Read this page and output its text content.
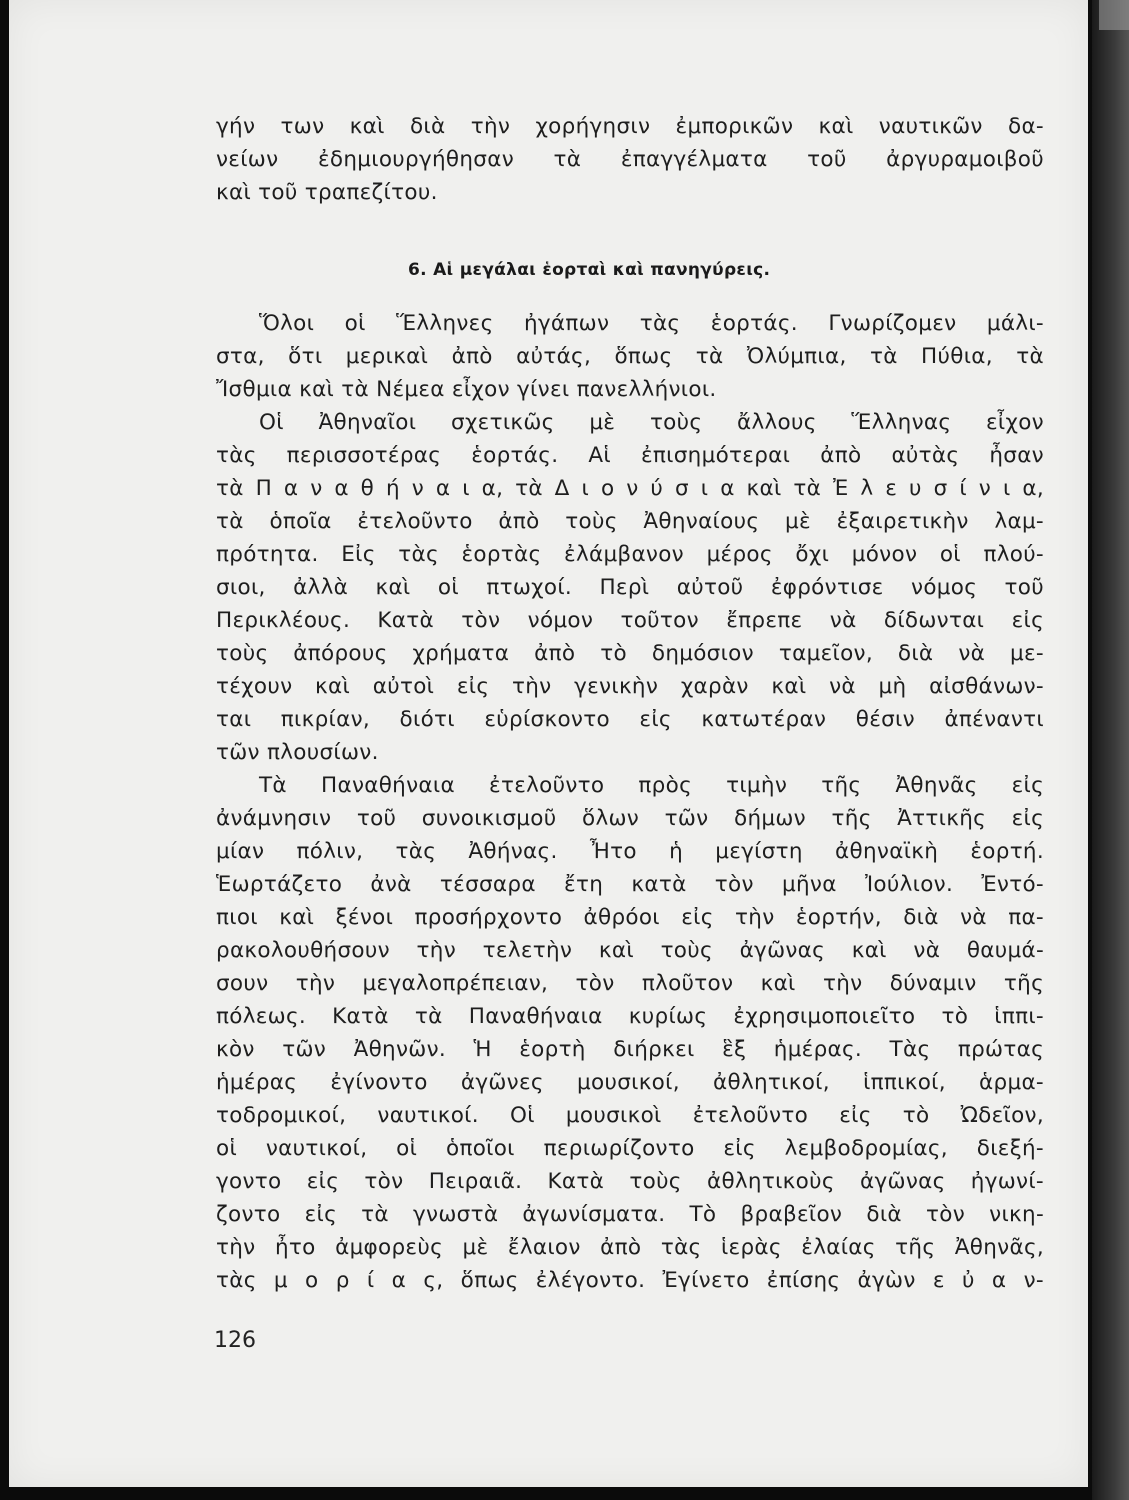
γήν των καὶ διὰ τὴν χορήγησιν ἐμπορικῶν καὶ ναυτικῶν δα-
νείων ἐδημιουργήθησαν τὰ ἐπαγγέλματα τοῦ ἀργυραμοιβοῦ
καὶ τοῦ τραπεζίτου.
6. Αἱ μεγάλαι ἑορταὶ καὶ πανηγύρεις.
Ὅλοι οἱ Ἕλληνες ἠγάπων τὰς ἑορτάς. Γνωρίζομεν μάλι-
στα, ὅτι μερικαὶ ἀπὸ αὐτάς, ὅπως τὰ Ὀλύμπια, τὰ Πύθια, τὰ
Ἴσθμια καὶ τὰ Νέμεα εἶχον γίνει πανελλήνιοι.
Οἱ Ἀθηναῖοι σχετικῶς μὲ τοὺς ἄλλους Ἕλληνας εἶχον
τὰς περισσοτέρας ἑορτάς. Αἱ ἐπισημότεραι ἀπὸ αὐτὰς ἦσαν
τὰ Π α ν α θ ή ν α ι α, τὰ Δ ι ο ν ύ σ ι α καὶ τὰ Ἐ λ ε υ σ ί ν ι α,
τὰ ὁποῖα ἐτελοῦντο ἀπὸ τοὺς Ἀθηναίους μὲ ἐξαιρετικὴν λαμ-
πρότητα. Εἰς τὰς ἑορτὰς ἐλάμβανον μέρος ὄχι μόνον οἱ πλού-
σιοι, ἀλλὰ καὶ οἱ πτωχοί. Περὶ αὐτοῦ ἐφρόντισε νόμος τοῦ
Περικλέους. Κατὰ τὸν νόμον τοῦτον ἔπρεπε νὰ δίδωνται εἰς
τοὺς ἀπόρους χρήματα ἀπὸ τὸ δημόσιον ταμεῖον, διὰ νὰ με-
τέχουν καὶ αὐτοὶ εἰς τὴν γενικὴν χαρὰν καὶ νὰ μὴ αἰσθάνων-
ται πικρίαν, διότι εὑρίσκοντο εἰς κατωτέραν θέσιν ἀπέναντι
τῶν πλουσίων.
Τὰ Παναθήναια ἐτελοῦντο πρὸς τιμὴν τῆς Ἀθηνᾶς εἰς
ἀνάμνησιν τοῦ συνοικισμοῦ ὅλων τῶν δήμων τῆς Ἀττικῆς εἰς
μίαν πόλιν, τὰς Ἀθήνας. Ἦτο ἡ μεγίστη ἀθηναϊκὴ ἑορτή.
Ἑωρτάζετο ἀνὰ τέσσαρα ἔτη κατὰ τὸν μῆνα Ἰούλιον. Ἐντό-
πιοι καὶ ξένοι προσήρχοντο ἀθρόοι εἰς τὴν ἑορτήν, διὰ νὰ πα-
ρακολουθήσουν τὴν τελετὴν καὶ τοὺς ἀγῶνας καὶ νὰ θαυμά-
σουν τὴν μεγαλοπρέπειαν, τὸν πλοῦτον καὶ τὴν δύναμιν τῆς
πόλεως. Κατὰ τὰ Παναθήναια κυρίως ἐχρησιμοποιεῖτο τὸ ἱππι-
κὸν τῶν Ἀθηνῶν. Ἡ ἑορτὴ διήρκει ἓξ ἡμέρας. Τὰς πρώτας
ἡμέρας ἐγίνοντο ἀγῶνες μουσικοί, ἀθλητικοί, ἱππικοί, ἁρμα-
τοδρομικοί, ναυτικοί. Οἱ μουσικοὶ ἐτελοῦντο εἰς τὸ Ὠδεῖον,
οἱ ναυτικοί, οἱ ὁποῖοι περιωρίζοντο εἰς λεμβοδρομίας, διεξή-
γοντο εἰς τὸν Πειραιᾶ. Κατὰ τοὺς ἀθλητικοὺς ἀγῶνας ἠγωνί-
ζοντο εἰς τὰ γνωστὰ ἀγωνίσματα. Τὸ βραβεῖον διὰ τὸν νικη-
τὴν ἦτο ἀμφορεὺς μὲ ἔλαιον ἀπὸ τὰς ἱερὰς ἐλαίας τῆς Ἀθηνᾶς,
τὰς μ ο ρ ί α ς, ὅπως ἐλέγοντο. Ἐγίνετο ἐπίσης ἀγὼν ε ὐ α ν-
126
